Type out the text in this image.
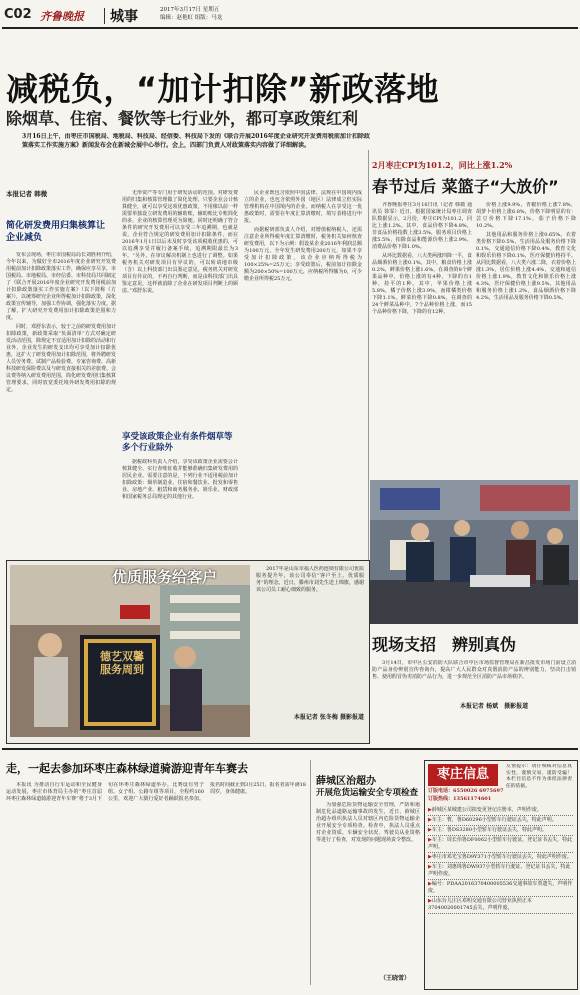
C02 齐鲁晚报 城事	2017年3月17日 星期五
编辑：赵艳虹 组版：马龙
减税负，“加计扣除”新政落地
除烟草、住宿、餐饮等七行业外，都可享政策红利
3月16日上午，由枣庄市国税局、地税局、科技局、经信委、科技局下发的《联合开展2016年度企业研究开发费用税前加计扣除政策落实工作实施方案》新闻发布会在新城会展中心举行。会上，四部门负责人对政策落实内容做了详细解读。
本报记者 韩微
简化研发费用归集核算让企业减负
发布会现场，枣庄市国税局局长刘胜利介绍，今年以来，为做好全市2016年度企业研究开发费用税前加计扣除政策落实工作，确保应享尽享，市国税局、市地税局、市经信委、市科技局共同制定了《联合开展2016年度企业研究开发费用税前加计扣除政策落实工作实施方案》（以下简称《方案》），以统筹研究企业所得税加计扣除政策，深化政策宣传辅导，加强工作协调，强化落实力度。据了解，扩大研究开发费用加计扣除政策范围和力度。
同时，邓舒东表示，较于之前的研发费用加计扣除政策，新政策采取“负面清单”方式对确定研发活动范围，除规定不宜适用加计扣除的活动和行业外，企业发生的研发支出均可享受加计扣除优惠，这扩大了研发费用加计扣除范围，将外聘研发人员劳务费、试制产品检验费、专家咨询费、高新科技研发保险费以及与研发直接相关的差旅费、会议费等纳入研发费用范围，简化研发费用归集核算管理要求，同时放宽委托境外研发费用扣除的规定。
无形资产等专门用于研发活动的范围。对研发费用的归集和核算管理做了简化处理，只要企业会计核算健全，就可以享受这项优惠政策，不用像以前一样需要单独设立研发费用的辅助账，辅助账比专账简化的多，企业的核算管理更为简便。同时还明确了符合条件的研究开发费用可以享受三年追溯期，也就是说，企业符合规定的研发费用加计扣除条件，而在2016年1月1日以后未及时享受该项税收优惠的，可以追溯享受并履行备案手续，追溯期限最长为3年。“另外，在审议解决机制上也进行了调整。如果税务机关对研发项目有异议的，可以转请地市级（含）以上科技部门出具鉴定意见。税务机关对研发项目有异议的，不再自行判断，而是由科技部门出具鉴定意见，这样就消除了企业在研发项目判断上的顾虑。”邓舒东说。
享受该政策企业有条件烟草等多个行业除外
据税政科负责人介绍，享受该政策企业需要会计核算健全、实行查账征收并能够准确归集研发费用的居民企业。需要注意的是，下列行业不适用税前加计扣除政策：烟草制造业、住宿和餐饮业、批发和零售业、房地产业、租赁和商务服务业、娱乐业、财政部和国家税务总局规定的其他行业。
民企业既包含依照中国法律、法规在中国境内成立的企业，也包含依照外国（地区）法律成立但实际管理机构在中国境内的企业。而纳税人在享受这一优惠政策时，需要在年度汇算清缴时，填写表格进行申报。
而据税研部负责人介绍，对增值税纳税人，还需注意企业所得税年度汇算清缴时，税务机关如何核查研发费用，以下为示例：假设某企业2016年利润总额为100万元，全年发生研发费用200万元，如果不享受加计扣除政策，该企业应纳所得税为100×25%=25万元；享受政策后，税前加计扣除金额为200×50%=100万元，应纳税所得额为0，可少缴企业所得税25万元。
2月枣庄CPI为101.2，同比上涨1.2%
春节过后 菜篮子“大放价”
齐鲁晚报枣庄3月16日讯（记者 韩微 通讯员 徐霏）近日，根据国家统计局枣庄调查队数据显示，2月份，枣庄CPI为101.2，同比上涨1.2%。其中，食品价格下降4.8%，非食品价格指数上涨3.5%，服务项目价格上涨5.5%，扣除食品和能源价格上涨2.9%，消费品价格下降1.0%。
从环比数据看，八大类两涨四降一平，食品烟酒价格上涨0.1%，其中，粮食价格上涨0.2%，鲜果价格上涨1.6%，在调查的8个鲜果品种中，价格上涨的有4种，下降的有1种，持平的1种。其中，苹果价格上涨5.8%，橘子价格上涨3.9%，而柑橘类价格下降1.1%。鲜菜价格下降0.8%，在调查的24个鲜菜品种中，7个品种价格上涨，而15个品种价格下降，下降的有12种。
价格上涨9.9%，青椒价格上涨7.8%，胡萝卜价格上涨6.8%，价格下降明显的有：芸豆价格下降17.1%，茄子价格下降10.2%。
其他用品和服务价格上涨0.65%。衣着类价格下降0.5%，生活用品及服务价格下降0.1%，交通通信价格下降0.4%，教育文化和娱乐价格下降0.1%，医疗保健价格持平。从同比数据看，八大类六涨二降，衣着价格上涨1.3%，居住价格上涨4.4%，交通和通信价格上涨1.9%，教育文化和娱乐价格上涨4.3%，医疗保健价格上涨9.5%，其他用品和服务价格上涨1.2%，食品烟酒价格下降4.2%，生活用品及服务价格下降0.5%。
现场支招　辨别真伪
3月14日，市中区公安消防大队联合市中区市场监督管理局在新昌批发市场门前设立消防产品身份辨别宣传咨询台，提高广大人民群众对真假消防产品的辨别能力，坚决打击销售、使用假冒伪劣消防产品行为，进一步规范全区消防产品市场秩序。
本报记者 杨斌　摄影报道
德艺双馨 服务周到
优质服务给客户	2017年是山东幸福人医药连锁有限公司优质服务提升年，该公司奉信“客户至上，优质服务”的理念，近日，滕州市刘先生送上锦旗，感谢该公司员工耐心细致的服务。
本报记者 张冬梅 摄影报道
走，一起去参加环枣庄森林绿道骑游迎青年车赛去
本报讯 为推动自行车运动和全民健身运动发展，枣庄市体育局主办的“枣庄首届环枣庄森林绿道骑游迎青年车赛”将于3月下旬在环枣庄森林绿道举办。比赛设有男子组、女子组、公路车组等项目，全程约160公里，欢迎广大骑行爱好者踊跃报名参加。报名时间截止到3月25日，报名者需年满18周岁，身体健康。
薛城区治超办
开展危货运输安全专项检查
为加强危险货物运输安全管理，严防和遏制危化品道路运输事故的发生，近日，薛城区治超办组织执法人员对辖区内危险货物运输企业开展安全专项检查。检查中，执法人员重点对企业资质、车辆安全状况、驾驶员从业资格等进行了检查，对发现的问题现场责令整改。
（王晓雪）
枣庄信息
订版电话：6550026 6975697
订版热线：13561174601
友情提示：请仔细核对信息真实性，谨慎交易，谨防受骗！本栏目信息不作为承担法律责任的依据。
▶薛城区某城建公司拟变更登记注册本，声明作废。
▶车主：曹，鲁D60296小型轿车行驶证丢失，特此声明。
▶车主：鲁DS3280小型轿车行驶证丢失，特此声明。
▶车主：周长伟鲁DF0062小型轿车行驶证，登记证书丢失，特此声明。
▶枣庄市邓光宝鲁D9Y371小型轿车行驶证丢失，特此声明作废。
▶车主：刘惠珠鲁DW937小型轿车行驶证、登记证书丢失，特此声明作废。
▶编号：PDAA2016370400005536交通事故车票遗失，声明作废。
▶山东台儿庄区邓明交通有限公司营业执照正本37040020001745丢失，声明作废。
